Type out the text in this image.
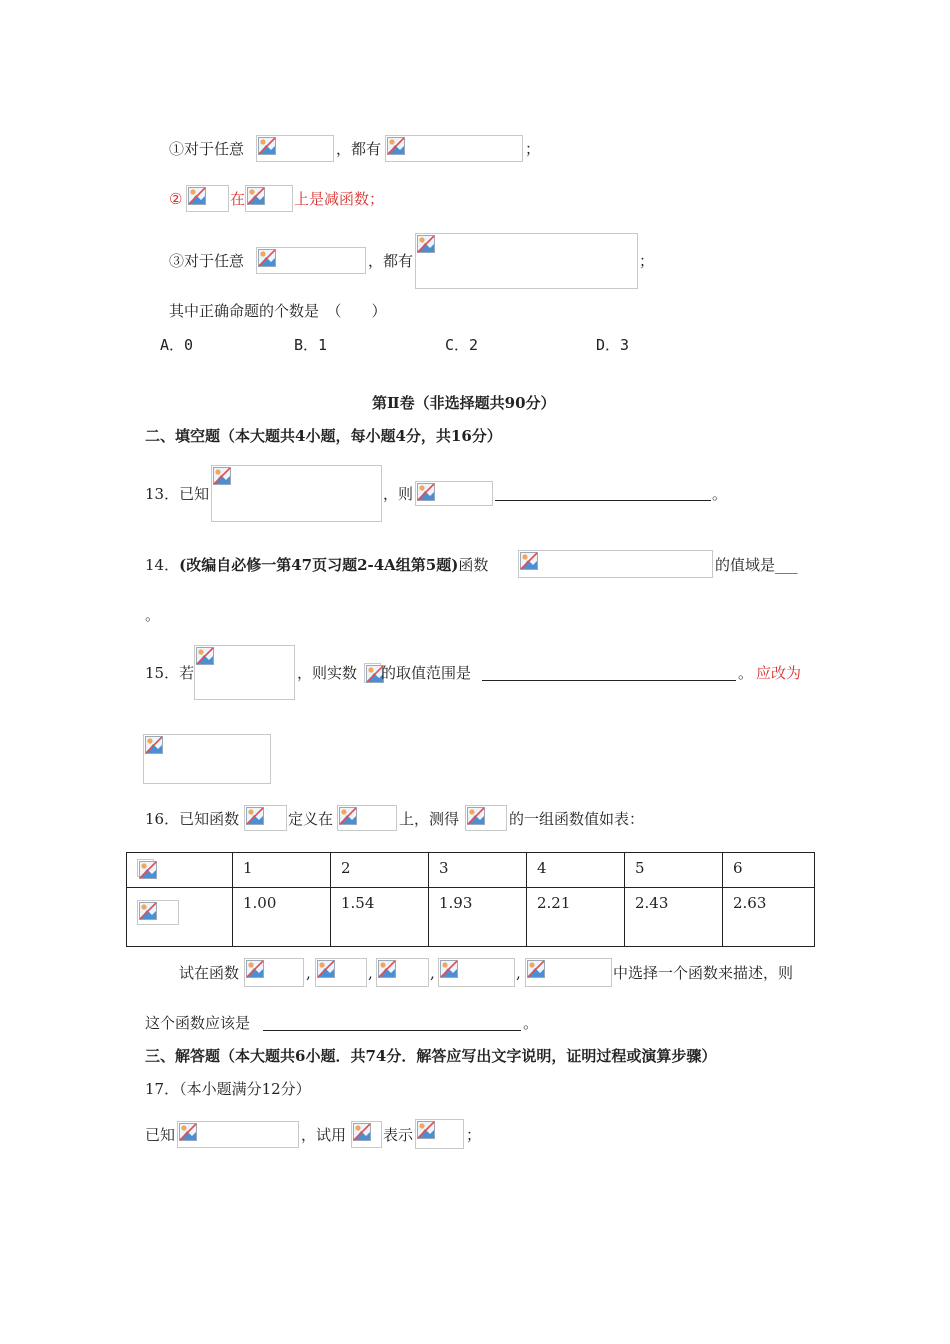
①对于任意	，都有	；
②	在	上是减函数；
③对于任意	，都有	；
其中正确命题的个数是　（　　）
A．0	B．1	C．2	D．3
第Ⅱ卷（非选择题共90分）
二、填空题（本大题共4小题，每小题4分，共16分）
13．已知	，则	。
14．(改编自必修一第47页习题2-4A组第5题)函数	的值域是___
。
15．若	，则实数 的取值范围是	。 应改为
16．已知函数	定义在	上，测得	的一组函数值如表：
	1	2	3	4	5	6

	1.00	1.54	1.93	2.21	2.43	2.63
试在函数	,	,	,	,	中选择一个函数来描述，则
这个函数应该是	。
三、解答题（本大题共6小题．共74分．解答应写出文字说明，证明过程或演算步骤）
17．（本小题满分12分）
已知	，试用 表示	；
